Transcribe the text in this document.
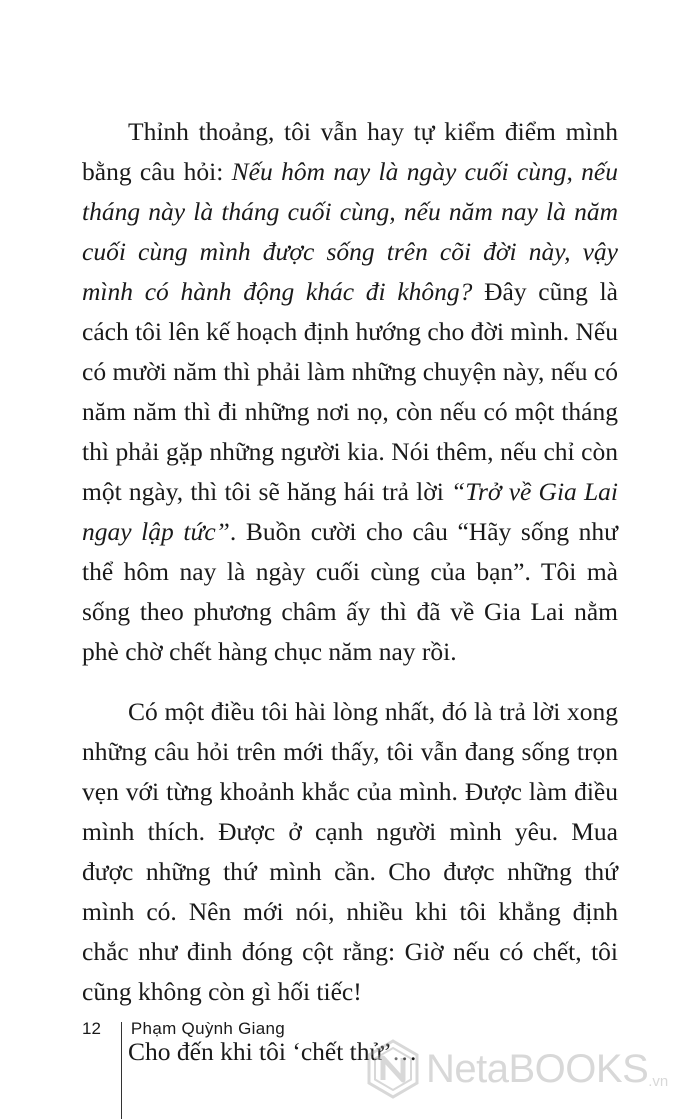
Thỉnh thoảng, tôi vẫn hay tự kiểm điểm mình bằng câu hỏi: Nếu hôm nay là ngày cuối cùng, nếu tháng này là tháng cuối cùng, nếu năm nay là năm cuối cùng mình được sống trên cõi đời này, vậy mình có hành động khác đi không? Đây cũng là cách tôi lên kế hoạch định hướng cho đời mình. Nếu có mười năm thì phải làm những chuyện này, nếu có năm năm thì đi những nơi nọ, còn nếu có một tháng thì phải gặp những người kia. Nói thêm, nếu chỉ còn một ngày, thì tôi sẽ hăng hái trả lời “Trở về Gia Lai ngay lập tức”. Buồn cười cho câu “Hãy sống như thể hôm nay là ngày cuối cùng của bạn”. Tôi mà sống theo phương châm ấy thì đã về Gia Lai nằm phè chờ chết hàng chục năm nay rồi.

Có một điều tôi hài lòng nhất, đó là trả lời xong những câu hỏi trên mới thấy, tôi vẫn đang sống trọn vẹn với từng khoảnh khắc của mình. Được làm điều mình thích. Được ở cạnh người mình yêu. Mua được những thứ mình cần. Cho được những thứ mình có. Nên mới nói, nhiều khi tôi khẳng định chắc như đinh đóng cột rằng: Giờ nếu có chết, tôi cũng không còn gì hối tiếc!

Cho đến khi tôi ‘chết thử’…

12 Phạm Quỳnh Giang
NetaBOOKS .vn
